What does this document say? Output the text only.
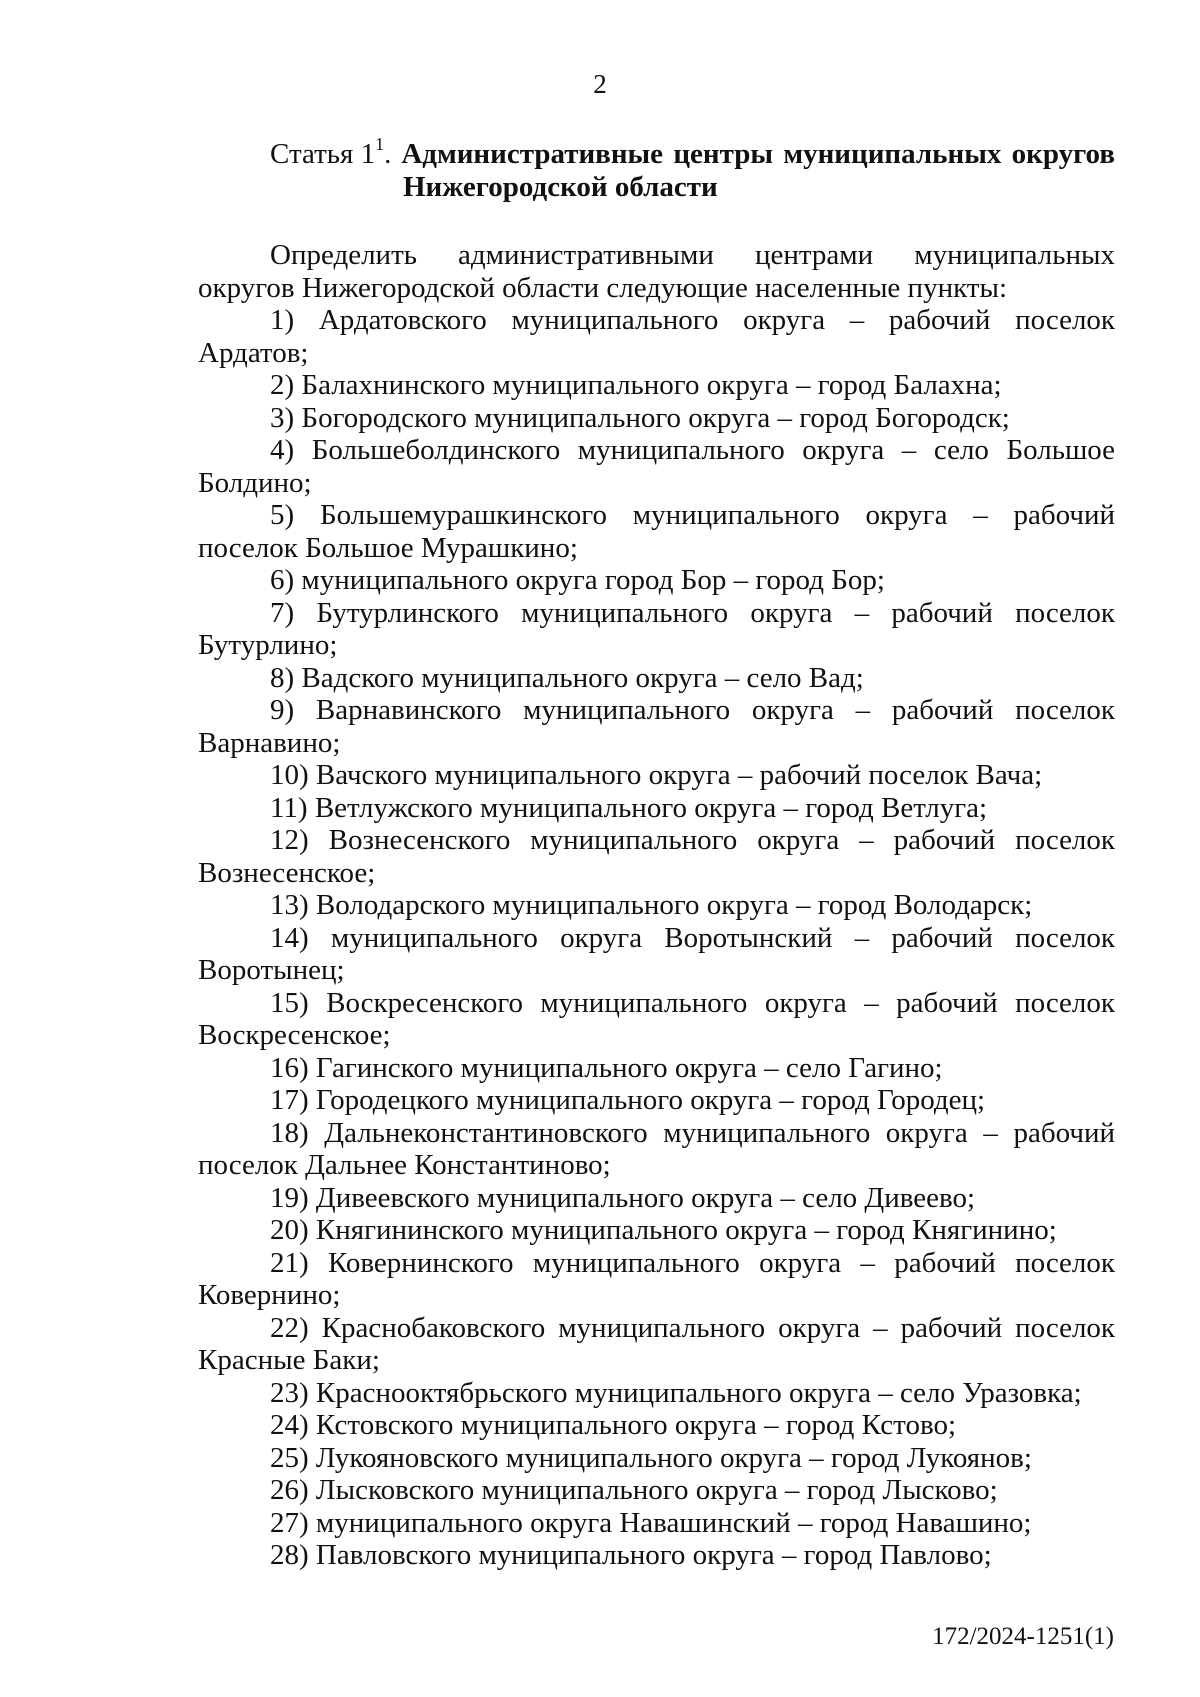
2
Статья $1^1$. Административные центры муниципальных округов
Нижегородской области

Определить административными центрами муниципальных округов Нижегородской области следующие населенные пункты:

1) Ардатовского муниципального округа – рабочий поселок Ардатов;

2) Балахнинского муниципального округа – город Балахна;

3) Богородского муниципального округа – город Богородск;

4) Большеболдинского муниципального округа – село Большое Болдино;

5) Большемурашкинского муниципального округа – рабочий поселок Большое Мурашкино;

6) муниципального округа город Бор – город Бор;

7) Бутурлинского муниципального округа – рабочий поселок Бутурлино;

8) Вадского муниципального округа – село Вад;

9) Варнавинского муниципального округа – рабочий поселок Варнавино;

10) Вачского муниципального округа – рабочий поселок Вача;

11) Ветлужского муниципального округа – город Ветлуга;

12) Вознесенского муниципального округа – рабочий поселок Вознесенское;

13) Володарского муниципального округа – город Володарск;

14) муниципального округа Воротынский – рабочий поселок Воротынец;

15) Воскресенского муниципального округа – рабочий поселок Воскресенское;

16) Гагинского муниципального округа – село Гагино;

17) Городецкого муниципального округа – город Городец;

18) Дальнеконстантиновского муниципального округа – рабочий поселок Дальнее Константиново;

19) Дивеевского муниципального округа – село Дивеево;

20) Княгининского муниципального округа – город Княгинино;

21) Ковернинского муниципального округа – рабочий поселок Ковернино;

22) Краснобаковского муниципального округа – рабочий поселок Красные Баки;

23) Краснооктябрьского муниципального округа – село Уразовка;

24) Кстовского муниципального округа – город Кстово;

25) Лукояновского муниципального округа – город Лукоянов;

26) Лысковского муниципального округа – город Лысково;

27) муниципального округа Навашинский – город Навашино;

28) Павловского муниципального округа – город Павлово;

172/2024-1251(1)
